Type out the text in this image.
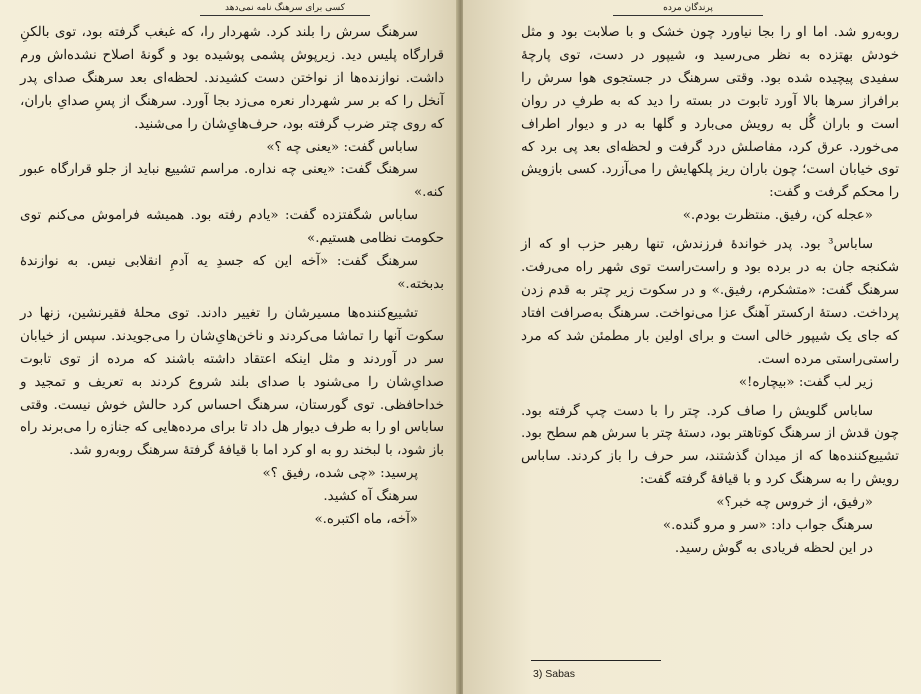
کسی برای سرهنگ نامه نمی‌دهد

سرهنگ سرش را بلند کرد. شهردار را، که غبغب گرفته بود، توی بالکنِ قرارگاه پلیس دید. زیرپوش پشمی پوشیده بود و گونهٔ اصلاح نشده‌اش ورم داشت. نوازنده‌ها از نواختن دست کشیدند. لحظه‌ای بعد سرهنگ صدای پدر آنخل را که بر سر شهردار نعره می‌زد بجا آورد. سرهنگ از پسِ صدایِ باران، که روی چتر ضرب گرفته بود، حرف‌هایِ‌شان را می‌شنید.

ساباس گفت: «یعنی چه ؟»

سرهنگ گفت: «یعنی چه نداره. مراسم تشییع نباید از جلو قرارگاه عبور کنه.»

ساباس شگفتزده گفت: «یادم رفته بود. همیشه فراموش می‌کنم توی حکومت نظامی هستیم.»

سرهنگ گفت: «آخه این که جسدِ یه آدمِ انقلابی نیس. به نوازندهٔ بدبخته.»

تشییع‌کننده‌ها مسیرشان را تغییر دادند. توی محلهٔ فقیرنشین، زنها در سکوت آنها را تماشا می‌کردند و ناخن‌هایِ‌شان را می‌جویدند. سپس از خیابان سر در آوردند و مثل اینکه اعتقاد داشته باشند که مرده از توی تابوت صدایِ‌شان را می‌شنود با صدای بلند شروع کردند به تعریف و تمجید و خداحافظی. توی گورستان، سرهنگ احساس کرد حالش خوش نیست. وقتی ساباس او را به طرف دیوار هل داد تا برای مرده‌هایی که جنازه را می‌برند راه باز شود، با لبخند رو به او کرد اما با قیافهٔ گرفتهٔ سرهنگ روبه‌رو شد.

پرسید: «چی شده، رفیق ؟»

سرهنگ آه کشید.

«آخه، ماه اکتبره.»

پرندگان مرده

روبه‌رو شد. اما او را بجا نیاورد چون خشک و با صلابت بود و مثل خودش بهتزده به نظر می‌رسید و، شیپور در دست، توی پارچهٔ سفیدی پیچیده شده بود. وقتی سرهنگ در جستجوی هوا سرش را برافراز سرها بالا آورد تابوت در بسته را دید که به طرفِ در روان است و باران گُل به رویش می‌بارد و گلها به در و دیوار اطراف می‌خورد. عرق کرد، مفاصلش درد گرفت و لحظه‌ای بعد پی برد که توی خیابان است؛ چون باران ریز پلکهایش را می‌آزرد. کسی بازویش را محکم گرفت و گفت:

«عجله کن، رفیق. منتظرت بودم.»

ساباس³ بود. پدر خواندهٔ فرزندش، تنها رهبر حزب او که از شکنجه جان به در برده بود و راست‌راست توی شهر راه می‌رفت. سرهنگ گفت: «متشکرم، رفیق.» و در سکوت زیر چتر به قدم زدن پرداخت. دستهٔ ارکستر آهنگ عزا می‌نواخت. سرهنگ به‌صرافت افتاد که جای یک شیپور خالی است و برای اولین بار مطمئن شد که مرد راستی‌راستی مرده است.

زیر لب گفت: «بیچاره!»

ساباس گلویش را صاف کرد. چتر را با دست چپ گرفته بود. چون قدش از سرهنگ کوتاهتر بود، دستهٔ چتر با سرش هم سطح بود. تشییع‌کننده‌ها که از میدان گذشتند، سر حرف را باز کردند. ساباس رویش را به سرهنگ کرد و با قیافهٔ گرفته گفت:

«رفیق، از خروس چه خبر؟»

سرهنگ جواب داد: «سر و مرو گنده.»

در این لحظه فریادی به گوش رسید.

3) Sabas
